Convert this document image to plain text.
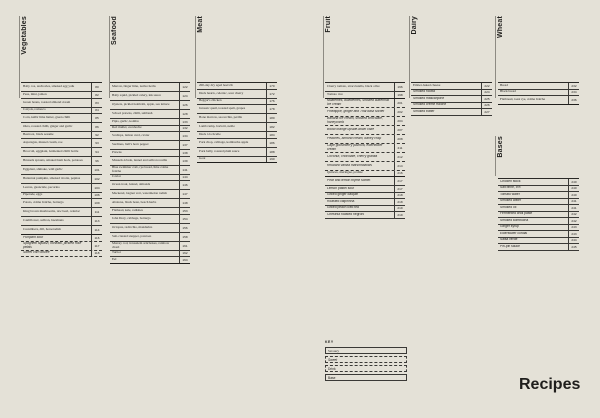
Vegetables	Seafood	Meat	Fruit	Dairy	Wheat
Bases
Baby cos, anchovies, smoked egg yolk	80
Peas, mint, jamon	82
Green beans, roasted almond cream	83
Calçots, romesco	84
Corn, kaffir lime butter, green chilli	85
Okra, roasted chilli, ginger and garlic	86
Beetroot, black sesame	92
Asparagus, mussel cream, roe	93
Broccoli, eggplant, fermented chilli bottle	94
Brussels sprouts, smoked ham hock, potatoes	96
Eggplant, shiitake, wild garlic	101
Butternut pumpkin, smoked ricotta, pepitas	102
Leaves, guanciale, pecorino	104
Piperade, eggs	106
Potato, crème fraîche, bottarga	109
King brown mushrooms, raw beef, celeriac	111
Cauliflower, saffron, hazelnuts	113
Cucumbers, dill, horseradish	114
Pumpkin sour	116
Spaghetti squash, kohlrabi, pickled rose petals	117
Sweet corn brûlée	118
Marron, finger lime, native herbs	122
Baby squid, pickled celery, ink sauce	124
Oysters, pickled kohlrabi, apple, sea lettuce	126
School prawns, chilli, saltbush	128
Pipis, garlic, kombu	133
Red mullet, escabeche	132
Scallops, lemon curd, caviar	134
Sardines, bull's horn pepper	137
Prawns	138
Mussels éclade, fennel and saffron rouille	139
Blue swimmer crab, rye bread, lime crème fraîche	141
Caviar	144
Ocean trout, fennel, almonds	146
Mackerel, bagnat vert, watermelon radish	147
Abalone, black bean, beach herbs	148
Flathead, kale, radishes	153
John Dory, cabbage, bottarga	154
Octopus, radicchio, mandarins	156
Salt-crusted snapper, potatoes	158
Murray cod, Jerusalem artichokes, rainbow chard	161
Turbot	162
Eel	164
200-day dry aged beef rib	170
Duck hearts, celeriac, sour cherry	172
Beggar's chicken	176
Jurassic quail, toasted spelt, grapes	178
Bone marrow, sea urchin, perilla	180
Lamb rump, borlotti, nettle	182
Duck à la ficelle	184
Pork chop, cabbage, kombucha apple	186
Pork belly, roasted plum sauce	188
Goat	190
Cherry tomato, stracciatella, black olive	196
Tomato rice	198
Mulberries, blueberries, smoked buttermilk ice cream	201
Pineapple, ginger and Thai basil sorbet	202
Banana ice cream, smoked chocolate, honeycomb	204
Blood orange upside-down cake	207
Peaches, almond cream, barley crisp	208
Cape gooseberry pavlova, elderflower cream	211
Coconut, chocolate, cherry granita	212
Rhubarb vanilla marshmallows	214
Quinces, meringue, praline	216
Pear and lemon thyme sorbet	217
Lemon pastel sour	217
Grilled ginger daiquiri	218
Roasted caipirinha	218
Grilled peach iced tea	219
Chestnut roasted negroni	219
Ember-baked cheese	222
Smoked ricotta	224
Smoked mascarpone	225
Smoked crème fraîche	226
Smoked butter	227
Bread	232
Black bread	234
Flatbread, toast rye, crème fraîche	236
Chicken stock	240
Salt brine, 5%	240
Tomato water	240
Smoked water	241
Smoked oil	241
Fermented chilli paste	242
Smoked kombucha	242
Ginger syrup	243
Elderflower cordial	243
Salsa verde	244
Piri-piri sauce	245
KEY
Savoury
Sweet
Drink
Base	Recipes
